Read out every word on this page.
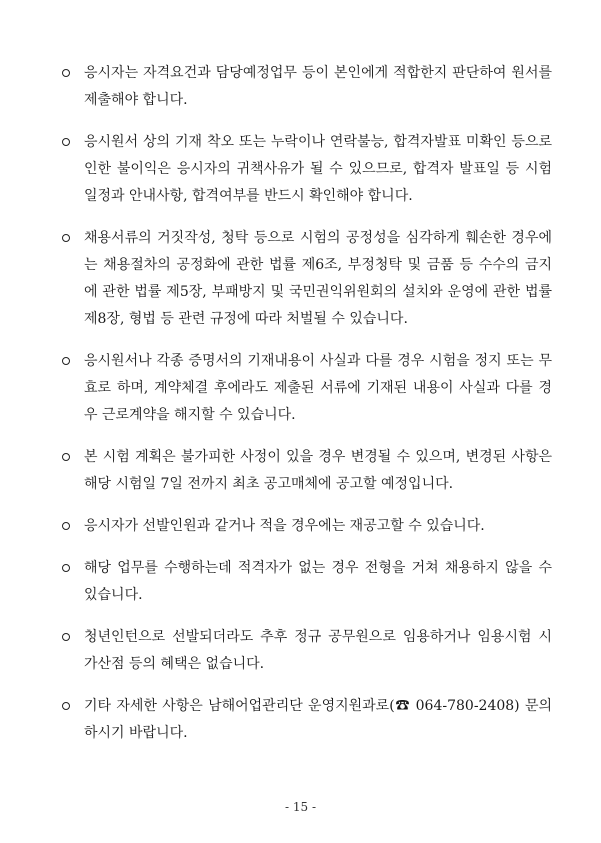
응시자는 자격요건과 담당예정업무 등이 본인에게 적합한지 판단하여 원서를 제출해야 합니다.
응시원서 상의 기재 착오 또는 누락이나 연락불능, 합격자발표 미확인 등으로 인한 불이익은 응시자의 귀책사유가 될 수 있으므로, 합격자 발표일 등 시험일정과 안내사항, 합격여부를 반드시 확인해야 합니다.
채용서류의 거짓작성, 청탁 등으로 시험의 공정성을 심각하게 훼손한 경우에는 채용절차의 공정화에 관한 법률 제6조, 부정청탁 및 금품 등 수수의 금지에 관한 법률 제5장, 부패방지 및 국민권익위원회의 설치와 운영에 관한 법률 제8장, 형법 등 관련 규정에 따라 처벌될 수 있습니다.
응시원서나 각종 증명서의 기재내용이 사실과 다를 경우 시험을 정지 또는 무효로 하며, 계약체결 후에라도 제출된 서류에 기재된 내용이 사실과 다를 경우 근로계약을 해지할 수 있습니다.
본 시험 계획은 불가피한 사정이 있을 경우 변경될 수 있으며, 변경된 사항은 해당 시험일 7일 전까지 최초 공고매체에 공고할 예정입니다.
응시자가 선발인원과 같거나 적을 경우에는 재공고할 수 있습니다.
해당 업무를 수행하는데 적격자가 없는 경우 전형을 거쳐 채용하지 않을 수 있습니다.
청년인턴으로 선발되더라도 추후 정규 공무원으로 임용하거나 임용시험 시 가산점 등의 혜택은 없습니다.
기타 자세한 사항은 남해어업관리단 운영지원과로(☎ 064-780-2408) 문의하시기 바랍니다.
- 15 -
